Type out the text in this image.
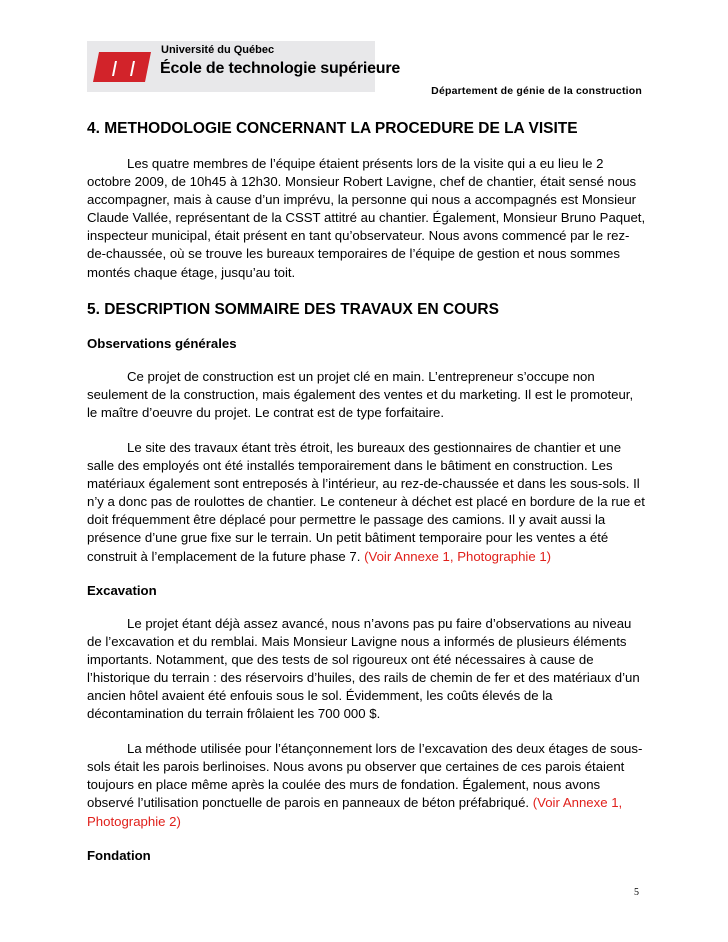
Université du Québec
École de technologie supérieure
Département de génie de la construction
4. METHODOLOGIE CONCERNANT LA PROCEDURE DE LA VISITE

Les quatre membres de l’équipe étaient présents lors de la visite qui a eu lieu le 2 octobre 2009, de 10h45 à 12h30. Monsieur Robert Lavigne, chef de chantier, était sensé nous accompagner, mais à cause d’un imprévu, la personne qui nous a accompagnés est Monsieur Claude Vallée, représentant de la CSST attitré au chantier. Également, Monsieur Bruno Paquet, inspecteur municipal, était présent en tant qu’observateur. Nous avons commencé par le rez-de-chaussée, où se trouve les bureaux temporaires de l’équipe de gestion et nous sommes montés chaque étage, jusqu’au toit.

5. DESCRIPTION SOMMAIRE DES TRAVAUX EN COURS
Observations générales

Ce projet de construction est un projet clé en main. L’entrepreneur s’occupe non seulement de la construction, mais également des ventes et du marketing. Il est le promoteur, le maître d’oeuvre du projet. Le contrat est de type forfaitaire.

Le site des travaux étant très étroit, les bureaux des gestionnaires de chantier et une salle des employés ont été installés temporairement dans le bâtiment en construction. Les matériaux également sont entreposés à l’intérieur, au rez-de-chaussée et dans les sous-sols. Il n’y a donc pas de roulottes de chantier. Le conteneur à déchet est placé en bordure de la rue et doit fréquemment être déplacé pour permettre le passage des camions. Il y avait aussi la présence d’une grue fixe sur le terrain. Un petit bâtiment temporaire pour les ventes a été construit à l’emplacement de la future phase 7. (Voir Annexe 1, Photographie 1)

Excavation

Le projet étant déjà assez avancé, nous n’avons pas pu faire d’observations au niveau de l’excavation et du remblai. Mais Monsieur Lavigne nous a informés de plusieurs éléments importants. Notamment, que des tests de sol rigoureux ont été nécessaires à cause de l’historique du terrain : des réservoirs d’huiles, des rails de chemin de fer et des matériaux d’un ancien hôtel avaient été enfouis sous le sol. Évidemment, les coûts élevés de la décontamination du terrain frôlaient les 700 000 $.

La méthode utilisée pour l’étançonnement lors de l’excavation des deux étages de sous-sols était les parois berlinoises. Nous avons pu observer que certaines de ces parois étaient toujours en place même après la coulée des murs de fondation. Également, nous avons observé l’utilisation ponctuelle de parois en panneaux de béton préfabriqué. (Voir Annexe 1, Photographie 2)

Fondation
5
